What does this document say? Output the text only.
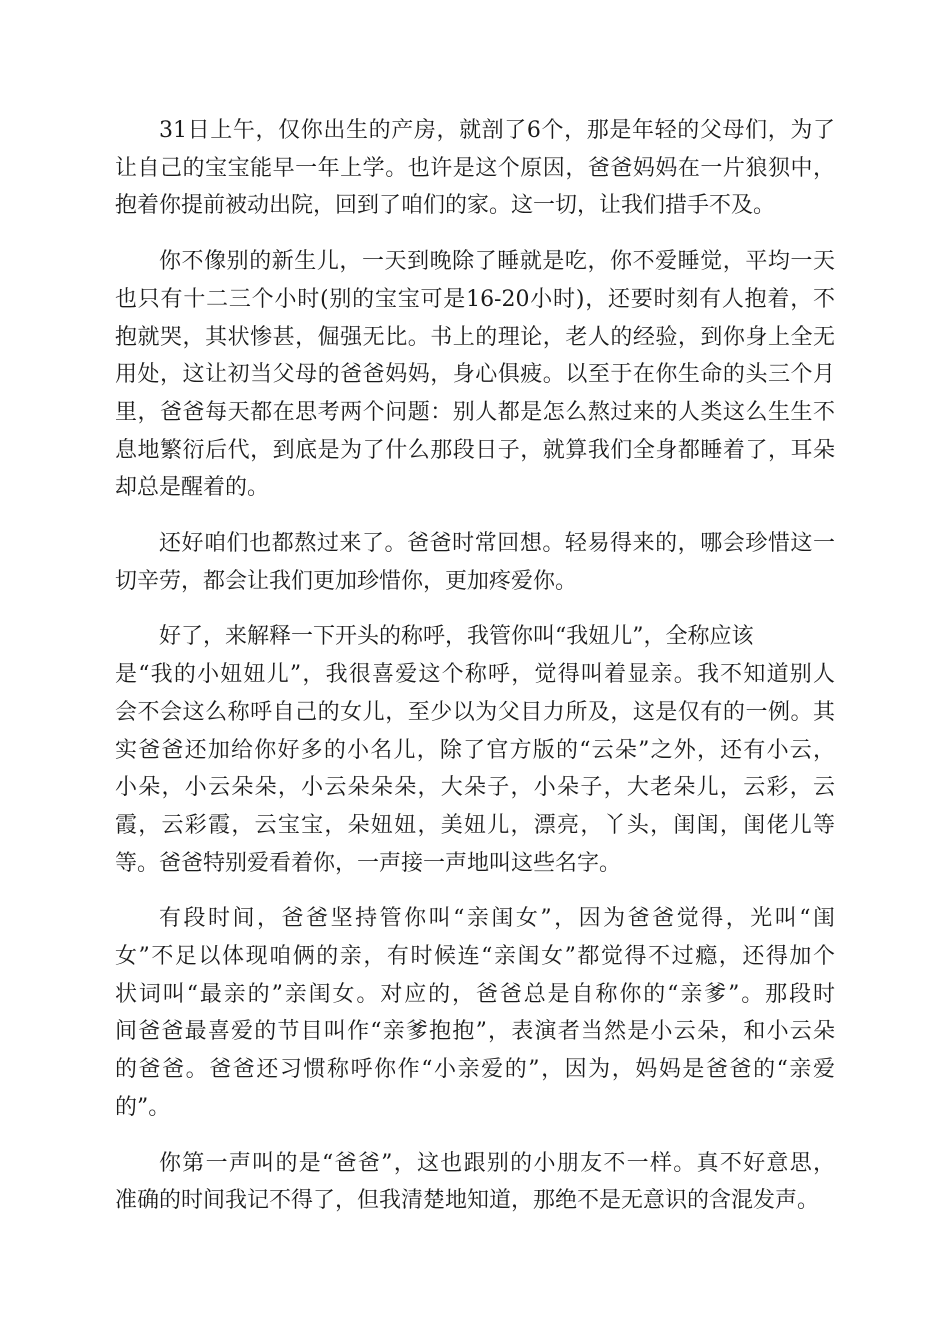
31日上午，仅你出生的产房，就剖了6个，那是年轻的父母们，为了
让自己的宝宝能早一年上学。也许是这个原因，爸爸妈妈在一片狼狈中，
抱着你提前被动出院，回到了咱们的家。这一切，让我们措手不及。

你不像别的新生儿，一天到晚除了睡就是吃，你不爱睡觉，平均一天
也只有十二三个小时(别的宝宝可是16-20小时)，还要时刻有人抱着，不
抱就哭，其状惨甚，倔强无比。书上的理论，老人的经验，到你身上全无
用处，这让初当父母的爸爸妈妈，身心俱疲。以至于在你生命的头三个月
里，爸爸每天都在思考两个问题：别人都是怎么熬过来的人类这么生生不
息地繁衍后代，到底是为了什么那段日子，就算我们全身都睡着了，耳朵
却总是醒着的。

还好咱们也都熬过来了。爸爸时常回想。轻易得来的，哪会珍惜这一
切辛劳，都会让我们更加珍惜你，更加疼爱你。

好了，来解释一下开头的称呼，我管你叫“我妞儿”，全称应该
是“我的小妞妞儿”，我很喜爱这个称呼，觉得叫着显亲。我不知道别人
会不会这么称呼自己的女儿，至少以为父目力所及，这是仅有的一例。其
实爸爸还加给你好多的小名儿，除了官方版的“云朵”之外，还有小云，
小朵，小云朵朵，小云朵朵朵，大朵子，小朵子，大老朵儿，云彩，云
霞，云彩霞，云宝宝，朵妞妞，美妞儿，漂亮，丫头，闺闺，闺佬儿等
等。爸爸特别爱看着你，一声接一声地叫这些名字。

有段时间，爸爸坚持管你叫“亲闺女”，因为爸爸觉得，光叫“闺
女”不足以体现咱俩的亲，有时候连“亲闺女”都觉得不过瘾，还得加个
状词叫“最亲的”亲闺女。对应的，爸爸总是自称你的“亲爹”。那段时
间爸爸最喜爱的节目叫作“亲爹抱抱”，表演者当然是小云朵，和小云朵
的爸爸。爸爸还习惯称呼你作“小亲爱的”，因为，妈妈是爸爸的“亲爱
的”。

你第一声叫的是“爸爸”，这也跟别的小朋友不一样。真不好意思，
准确的时间我记不得了，但我清楚地知道，那绝不是无意识的含混发声。
